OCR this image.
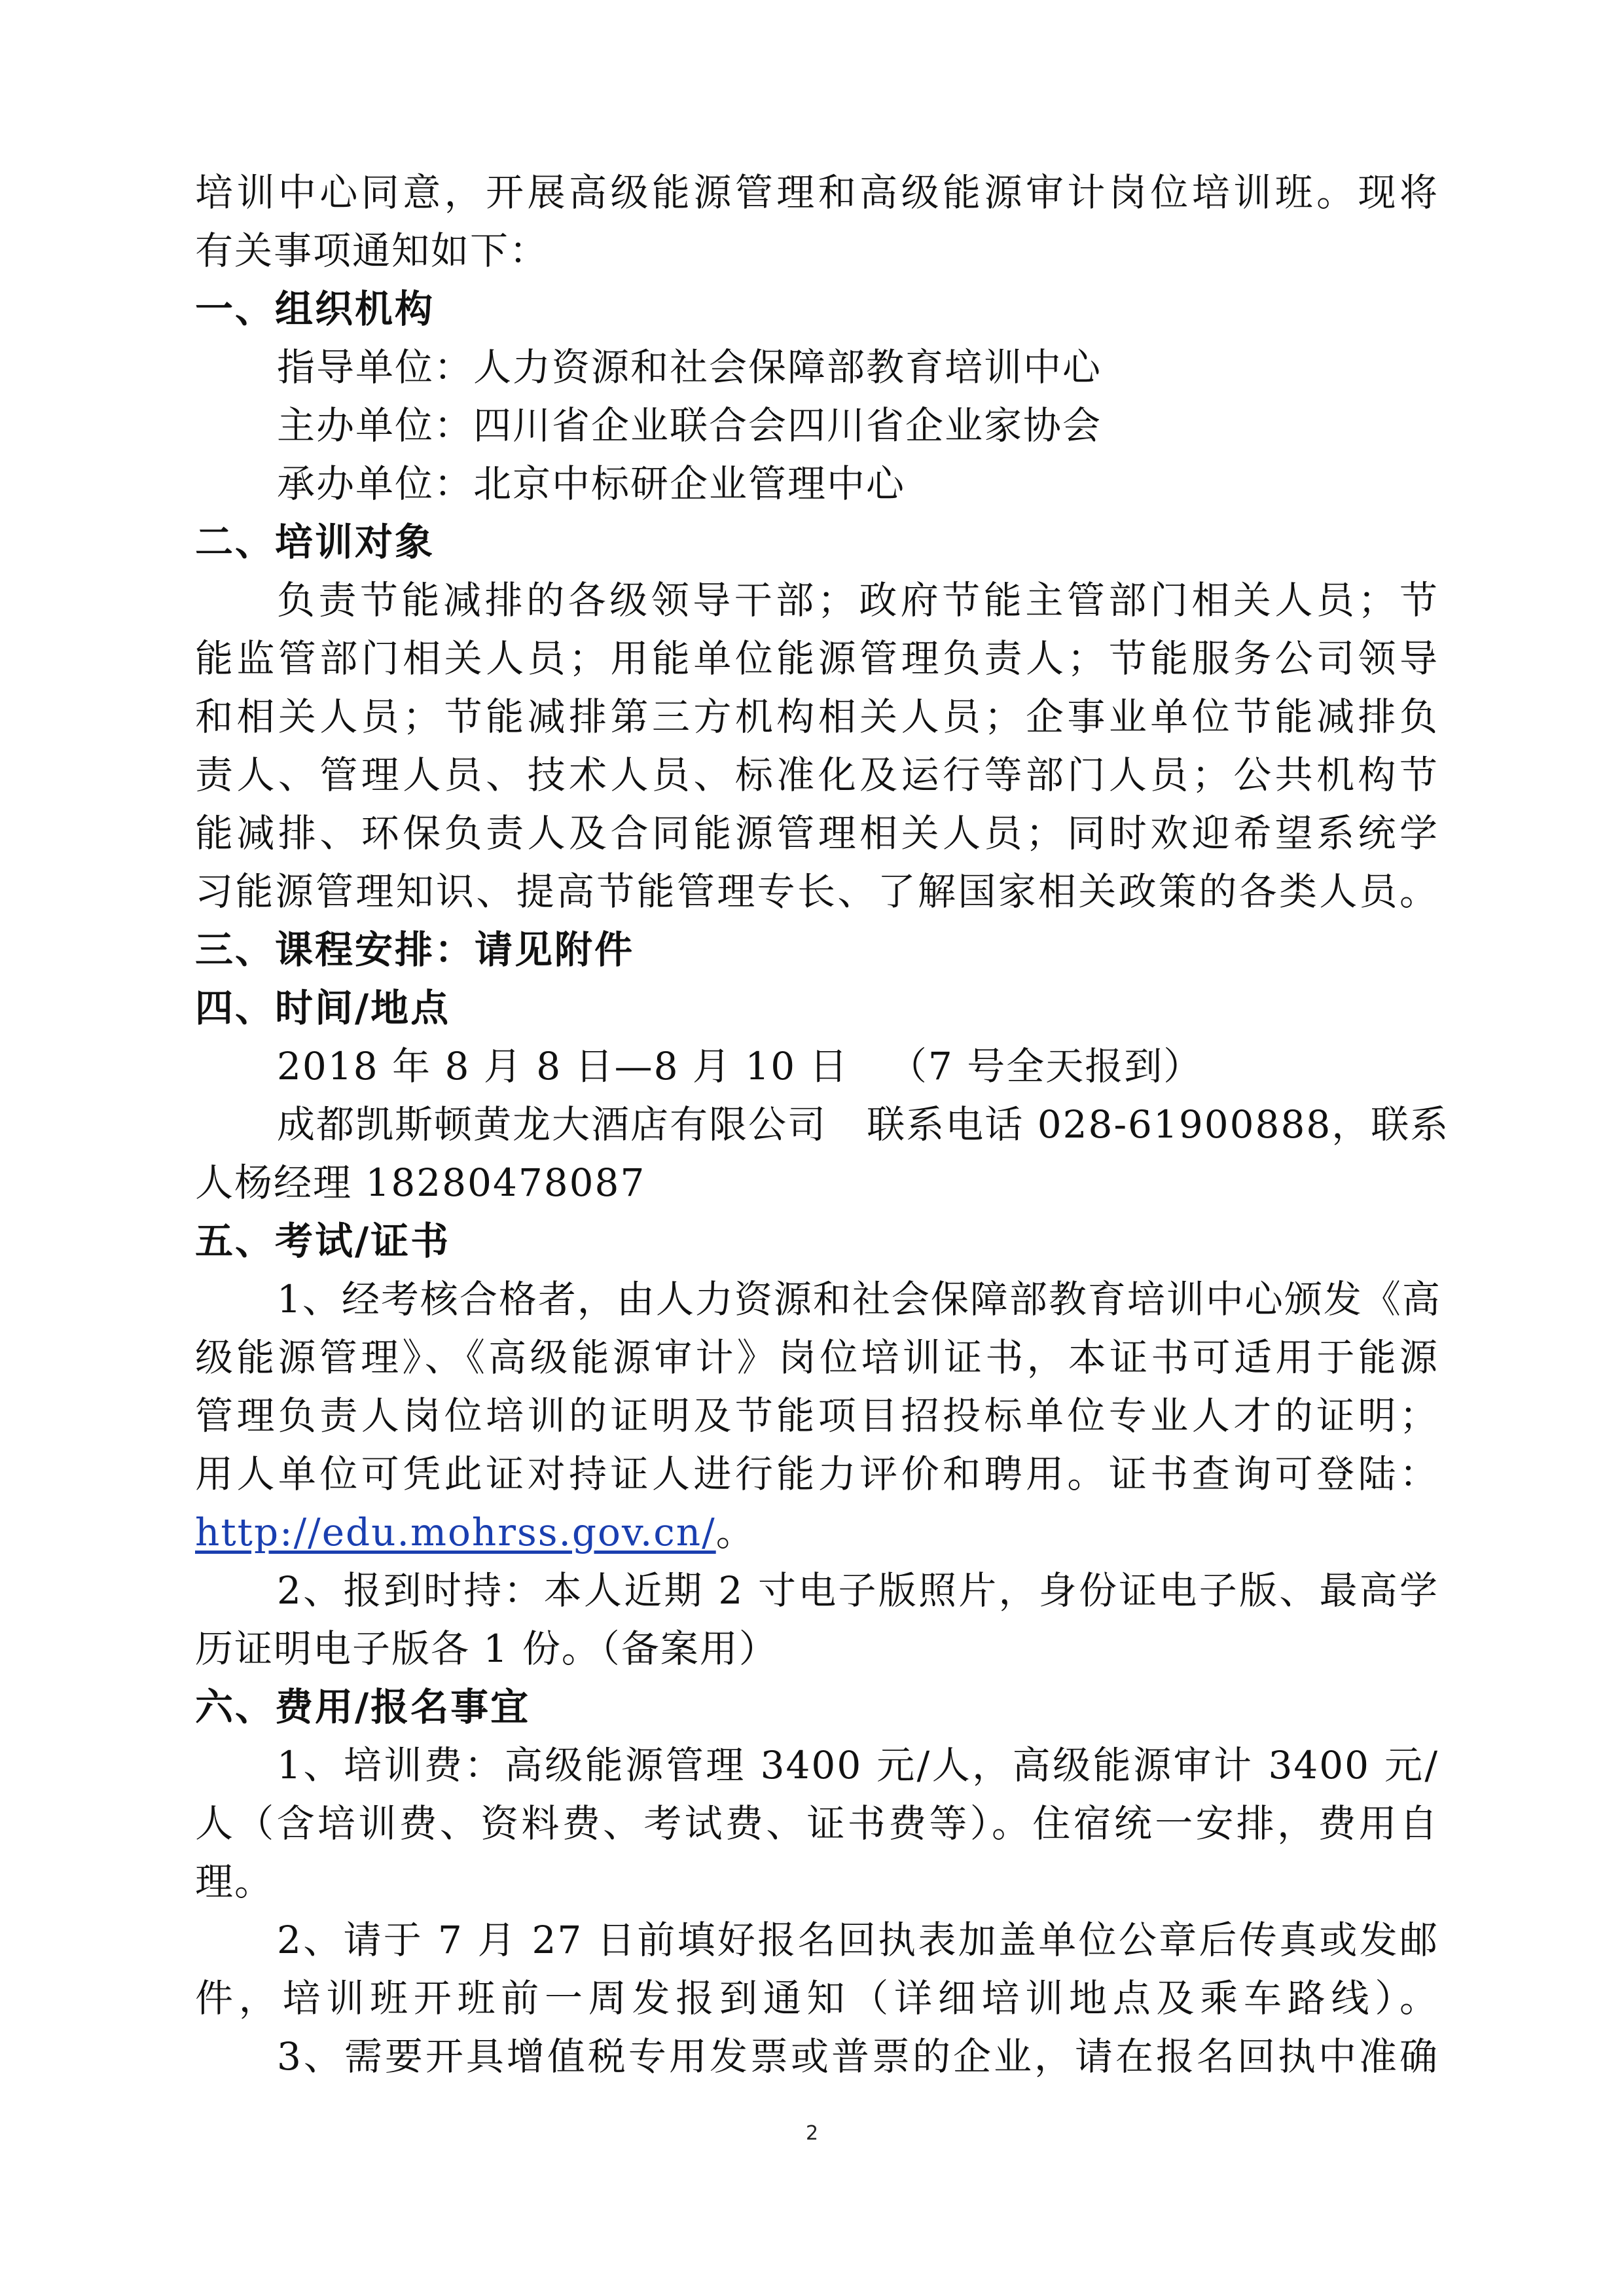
培训中心同意，开展高级能源管理和高级能源审计岗位培训班。现将
有关事项通知如下：
一、组织机构
指导单位：人力资源和社会保障部教育培训中心
主办单位：四川省企业联合会四川省企业家协会
承办单位：北京中标研企业管理中心
二、培训对象
负责节能减排的各级领导干部；政府节能主管部门相关人员；节
能监管部门相关人员；用能单位能源管理负责人；节能服务公司领导
和相关人员；节能减排第三方机构相关人员；企事业单位节能减排负
责人、管理人员、技术人员、标准化及运行等部门人员；公共机构节
能减排、环保负责人及合同能源管理相关人员；同时欢迎希望系统学
习能源管理知识、提高节能管理专长、了解国家相关政策的各类人员。
三、课程安排：请见附件
四、时间/地点
2018 年 8 月 8 日—8 月 10 日   （7 号全天报到）
成都凯斯顿黄龙大酒店有限公司   联系电话 028-61900888，联系
人杨经理 18280478087
五、考试/证书
1、经考核合格者，由人力资源和社会保障部教育培训中心颁发《高
级能源管理》、《高级能源审计》岗位培训证书，本证书可适用于能源
管理负责人岗位培训的证明及节能项目招投标单位专业人才的证明；
用人单位可凭此证对持证人进行能力评价和聘用。证书查询可登陆：
http://edu.mohrss.gov.cn/。
2、报到时持：本人近期 2 寸电子版照片，身份证电子版、最高学
历证明电子版各 1 份。（备案用）
六、费用/报名事宜
1、培训费：高级能源管理 3400 元/人，高级能源审计 3400 元/
人（含培训费、资料费、考试费、证书费等）。住宿统一安排，费用自
理。
2、请于 7 月 27 日前填好报名回执表加盖单位公章后传真或发邮
件，培训班开班前一周发报到通知（详细培训地点及乘车路线）。
3、需要开具增值税专用发票或普票的企业，请在报名回执中准确
2
